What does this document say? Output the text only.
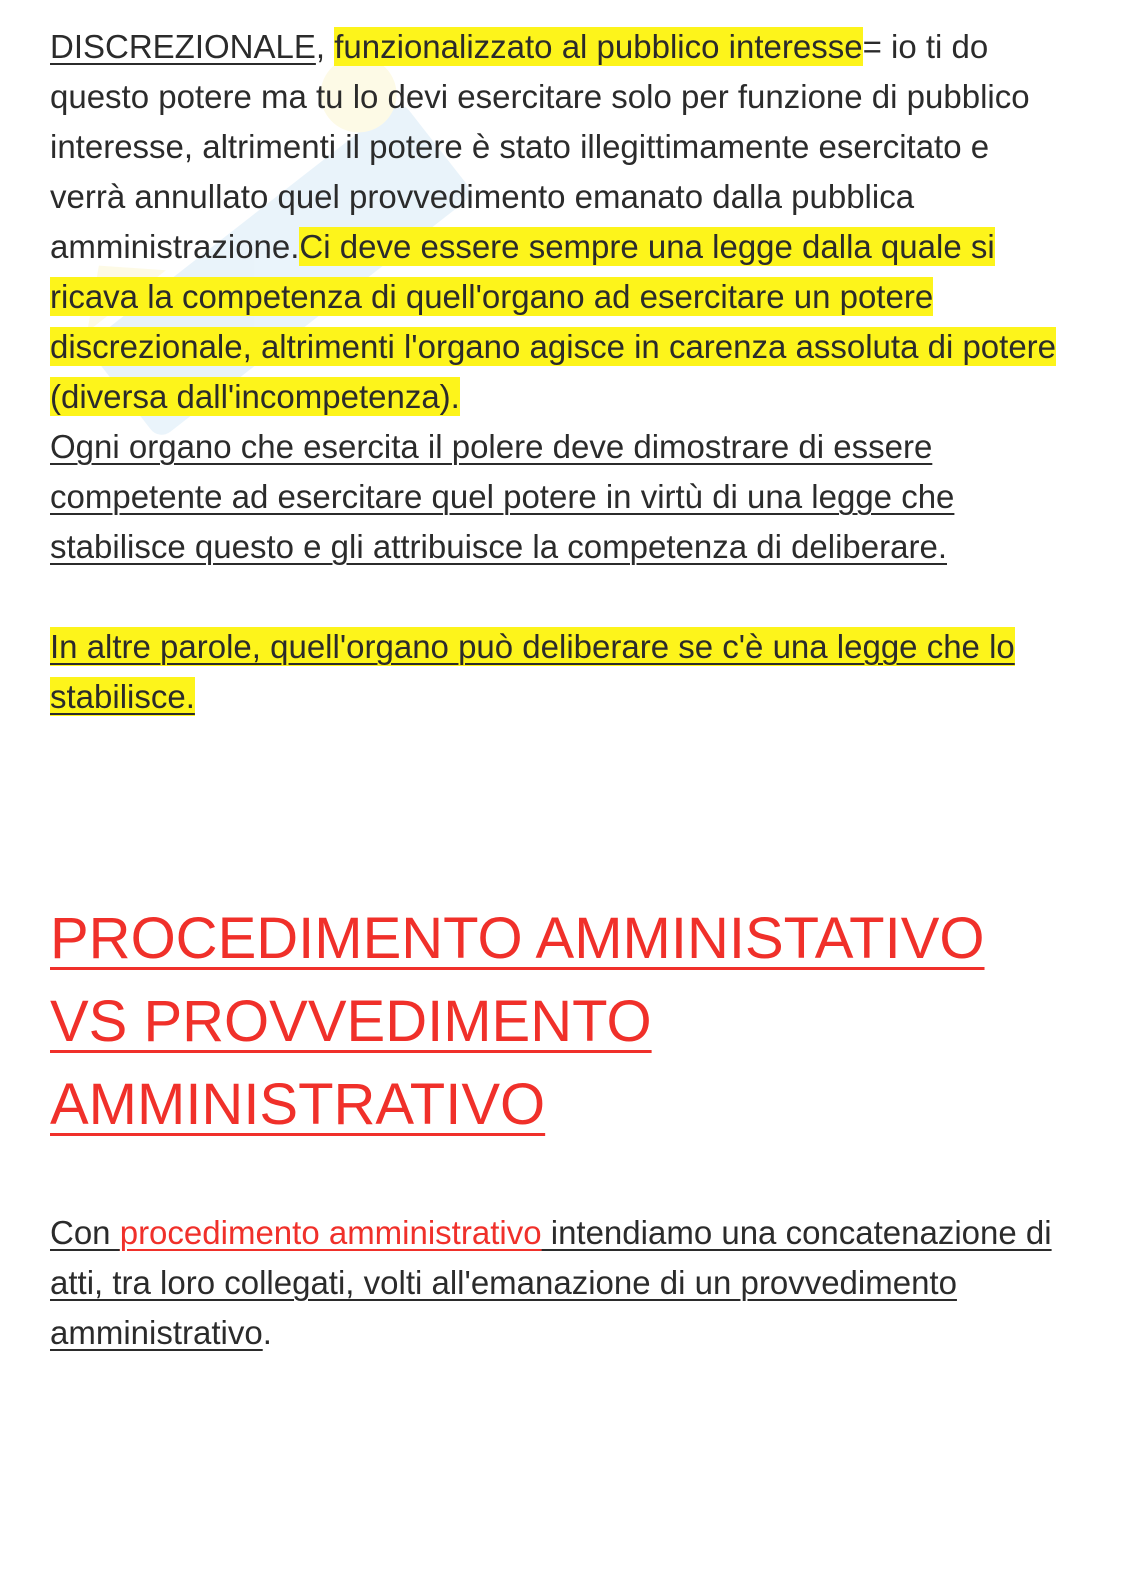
DISCREZIONALE, funzionalizzato al pubblico interesse= io ti do questo potere ma tu lo devi esercitare solo per funzione di pubblico interesse, altrimenti il potere è stato illegittimamente esercitato e verrà annullato quel provvedimento emanato dalla pubblica amministrazione.Ci deve essere sempre una legge dalla quale si ricava la competenza di quell'organo ad esercitare un potere discrezionale, altrimenti l'organo agisce in carenza assoluta di potere (diversa dall'incompetenza).

Ogni organo che esercita il polere deve dimostrare di essere competente ad esercitare quel potere in virtù di una legge che stabilisce questo e gli attribuisce la competenza di deliberare.

In altre parole, quell'organo può deliberare se c'è una legge che lo stabilisce.

PROCEDIMENTO AMMINISTATIVO
VS PROVVEDIMENTO
AMMINISTRATIVO

Con procedimento amministrativo intendiamo una concatenazione di atti, tra loro collegati, volti all'emanazione di un provvedimento amministrativo.
